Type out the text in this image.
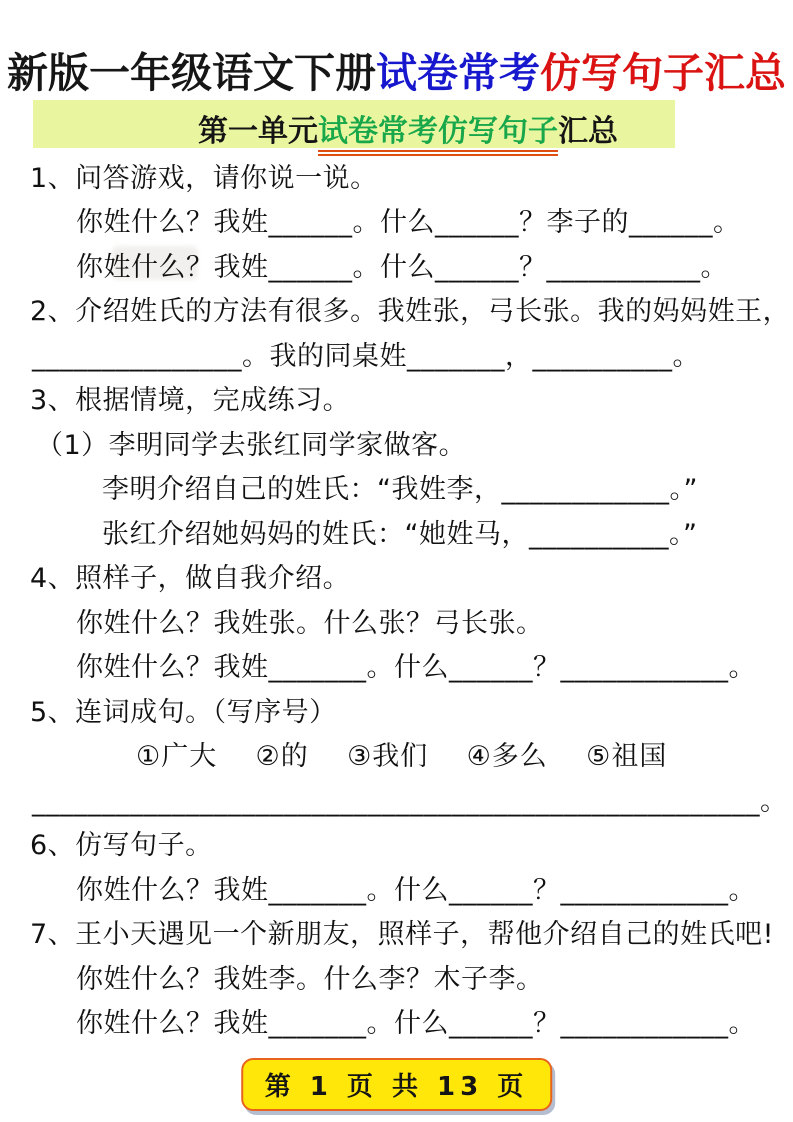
新版一年级语文下册试卷常考仿写句子汇总
第一单元试卷常考仿写句子汇总
1、问答游戏，请你说一说。
你姓什么？我姓______。什么______？李子的______。
你姓什么？我姓______。什么______？___________。
2、介绍姓氏的方法有很多。我姓张，弓长张。我的妈妈姓王，
_______________。我的同桌姓_______，__________。
3、根据情境，完成练习。
（1）李明同学去张红同学家做客。
李明介绍自己的姓氏：“我姓李，____________。”
张红介绍她妈妈的姓氏：“她姓马，__________。”
4、照样子，做自我介绍。
你姓什么？我姓张。什么张？弓长张。
你姓什么？我姓_______。什么______？____________。
5、连词成句。（写序号）
①广大    ②的    ③我们    ④多么    ⑤祖国
____________________________________________________。
6、仿写句子。
你姓什么？我姓_______。什么______？____________。
7、王小天遇见一个新朋友，照样子，帮他介绍自己的姓氏吧!
你姓什么？我姓李。什么李？木子李。
你姓什么？我姓_______。什么______？____________。
第 1 页 共 13 页
